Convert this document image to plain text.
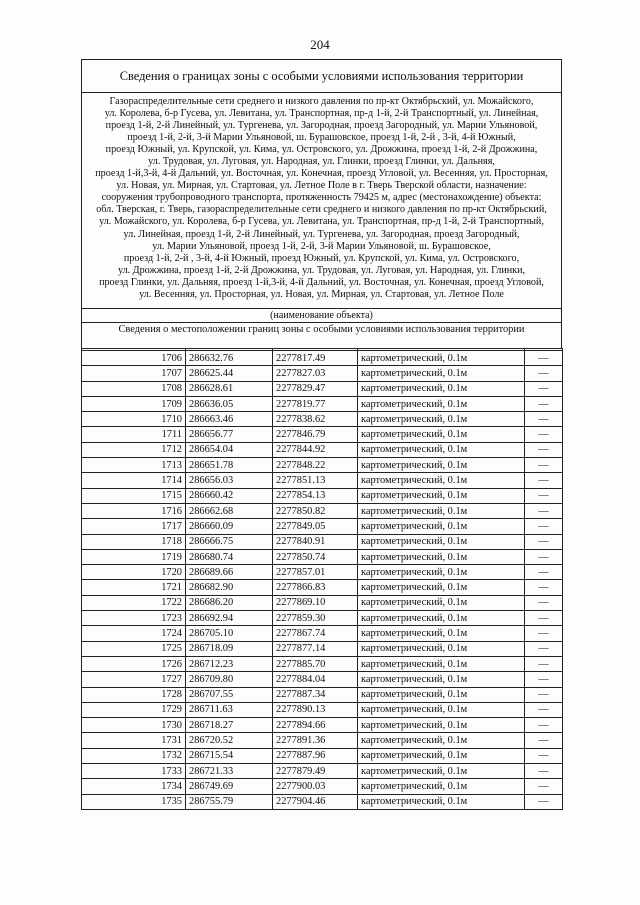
204
Сведения о границах зоны с особыми условиями использования территории
Газораспределительные сети среднего и низкого давления по пр-кт Октябрьский, ул. Можайского,
ул. Королева, б-р Гусева, ул. Левитана, ул. Транспортная, пр-д 1-й, 2-й Транспортный, ул. Линейная,
проезд 1-й, 2-й Линейный, ул. Тургенева, ул. Загородная, проезд Загородный, ул. Марии Ульяновой,
проезд 1-й, 2-й, 3-й Марии Ульяновой, ш. Бурашовское, проезд 1-й, 2-й , 3-й, 4-й Южный,
проезд Южный, ул. Крупской, ул. Кима, ул. Островского, ул. Дрожжина, проезд 1-й, 2-й Дрожжина,
ул. Трудовая, ул. Луговая, ул. Народная, ул. Глинки, проезд Глинки, ул. Дальняя,
проезд 1-й,3-й, 4-й Дальний, ул. Восточная, ул. Конечная, проезд Угловой, ул. Весенняя, ул. Просторная,
ул. Новая, ул. Мирная, ул. Стартовая, ул. Летное Поле в г. Тверь Тверской области, назначение:
сооружения трубопроводного транспорта, протяженность 79425 м, адрес (местонахождение) объекта:
обл. Тверская, г. Тверь, газораспределительные сети среднего и низкого давления по пр-кт Октябрьский,
ул. Можайского, ул. Королева, б-р Гусева, ул. Левитана, ул. Транспортная, пр-д 1-й, 2-й Транспортный,
ул. Линейная, проезд 1-й, 2-й Линейный, ул. Тургенева, ул. Загородная, проезд Загородный,
ул. Марии Ульяновой, проезд 1-й, 2-й, 3-й Марии Ульяновой, ш. Бурашовское,
проезд 1-й, 2-й , 3-й, 4-й Южный, проезд Южный, ул. Крупской, ул. Кима, ул. Островского,
ул. Дрожжина, проезд 1-й, 2-й Дрожжина, ул. Трудовая, ул. Луговая, ул. Народная, ул. Глинки,
проезд Глинки, ул. Дальняя, проезд 1-й,3-й, 4-й Дальний, ул. Восточная, ул. Конечная, проезд Угловой,
ул. Весенняя, ул. Просторная, ул. Новая, ул. Мирная, ул. Стартовая, ул. Летное Поле
(наименование объекта)
Сведения о местоположении границ зоны с особыми условиями использования территории

1706	286632.76	2277817.49	картометрический, 0.1м	—
1707	286625.44	2277827.03	картометрический, 0.1м	—
1708	286628.61	2277829.47	картометрический, 0.1м	—
1709	286636.05	2277819.77	картометрический, 0.1м	—
1710	286663.46	2277838.62	картометрический, 0.1м	—
1711	286656.77	2277846.79	картометрический, 0.1м	—
1712	286654.04	2277844.92	картометрический, 0.1м	—
1713	286651.78	2277848.22	картометрический, 0.1м	—
1714	286656.03	2277851.13	картометрический, 0.1м	—
1715	286660.42	2277854.13	картометрический, 0.1м	—
1716	286662.68	2277850.82	картометрический, 0.1м	—
1717	286660.09	2277849.05	картометрический, 0.1м	—
1718	286666.75	2277840.91	картометрический, 0.1м	—
1719	286680.74	2277850.74	картометрический, 0.1м	—
1720	286689.66	2277857.01	картометрический, 0.1м	—
1721	286682.90	2277866.83	картометрический, 0.1м	—
1722	286686.20	2277869.10	картометрический, 0.1м	—
1723	286692.94	2277859.30	картометрический, 0.1м	—
1724	286705.10	2277867.74	картометрический, 0.1м	—
1725	286718.09	2277877.14	картометрический, 0.1м	—
1726	286712.23	2277885.70	картометрический, 0.1м	—
1727	286709.80	2277884.04	картометрический, 0.1м	—
1728	286707.55	2277887.34	картометрический, 0.1м	—
1729	286711.63	2277890.13	картометрический, 0.1м	—
1730	286718.27	2277894.66	картометрический, 0.1м	—
1731	286720.52	2277891.36	картометрический, 0.1м	—
1732	286715.54	2277887.96	картометрический, 0.1м	—
1733	286721.33	2277879.49	картометрический, 0.1м	—
1734	286749.69	2277900.03	картометрический, 0.1м	—
1735	286755.79	2277904.46	картометрический, 0.1м	—
